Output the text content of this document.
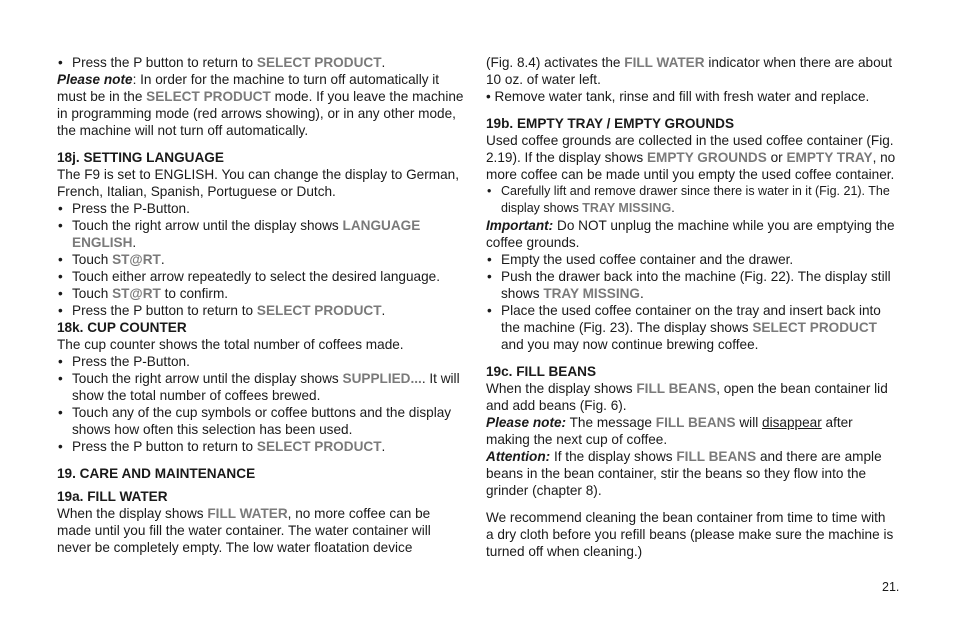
• Press the P button to return to SELECT PRODUCT.

Please note: In order for the machine to turn off automatically it must be in the SELECT PRODUCT mode. If you leave the machine in programming mode (red arrows showing), or in any other mode, the machine will not turn off automatically.

18j. SETTING LANGUAGE

The F9 is set to ENGLISH. You can change the display to German, French, Italian, Spanish, Portuguese or Dutch.

• Press the P-Button.

• Touch the right arrow until the display shows LANGUAGE ENGLISH.

• Touch ST@RT.

• Touch either arrow repeatedly to select the desired language.

• Touch ST@RT to confirm.

• Press the P button to return to SELECT PRODUCT.

18k. CUP COUNTER

The cup counter shows the total number of coffees made.

• Press the P-Button.

• Touch the right arrow until the display shows SUPPLIED.... It will show the total number of coffees brewed.

• Touch any of the cup symbols or coffee buttons and the display shows how often this selection has been used.

• Press the P button to return to SELECT PRODUCT.

19. CARE AND MAINTENANCE

19a. FILL WATER

When the display shows FILL WATER, no more coffee can be made until you fill the water container. The water container will never be completely empty. The low water floatation device

(Fig. 8.4) activates the FILL WATER indicator when there are about 10 oz. of water left.

• Remove water tank, rinse and fill with fresh water and replace.

19b. EMPTY TRAY / EMPTY GROUNDS

Used coffee grounds are collected in the used coffee container (Fig. 2.19). If the display shows EMPTY GROUNDS or EMPTY TRAY, no more coffee can be made until you empty the used coffee container.

• Carefully lift and remove drawer since there is water in it (Fig. 21). The display shows TRAY MISSING.

Important: Do NOT unplug the machine while you are emptying the coffee grounds.

• Empty the used coffee container and the drawer.

• Push the drawer back into the machine (Fig. 22). The display still shows TRAY MISSING.

• Place the used coffee container on the tray and insert back into the machine (Fig. 23). The display shows SELECT PRODUCT and you may now continue brewing coffee.

19c. FILL BEANS

When the display shows FILL BEANS, open the bean container lid and add beans (Fig. 6).

Please note: The message FILL BEANS will disappear after making the next cup of coffee.

Attention: If the display shows FILL BEANS and there are ample beans in the bean container, stir the beans so they flow into the grinder (chapter 8).

We recommend cleaning the bean container from time to time with a dry cloth before you refill beans (please make sure the machine is turned off when cleaning.)

21.
